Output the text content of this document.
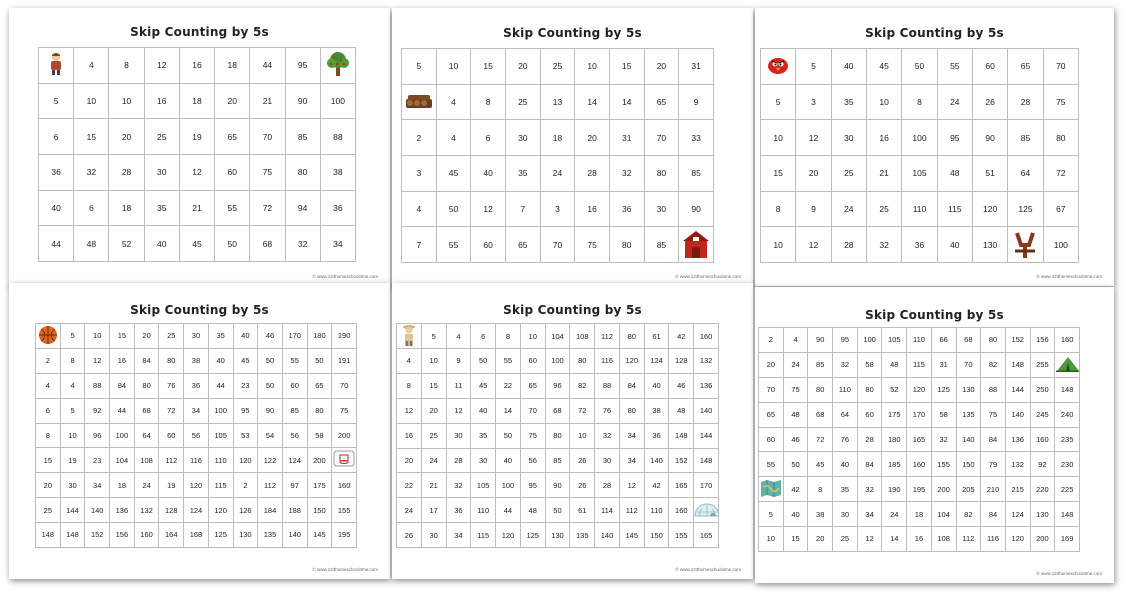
Skip Counting by 5s
© www.123homeschool4me.com
	4	8	12	16	18	44	95	
5	10	10	16	18	20	21	90	100
6	15	20	25	19	65	70	85	88
36	32	28	30	12	60	75	80	38
40	6	18	35	21	55	72	94	36
44	48	52	40	45	50	68	32	34
Skip Counting by 5s
© www.123homeschool4me.com
5	10	15	20	25	10	15	20	31
	4	8	25	13	14	14	65	9
2	4	6	30	18	20	31	70	33
3	45	40	35	24	28	32	80	85
4	50	12	7	3	16	36	30	90
7	55	60	65	70	75	80	85	
Skip Counting by 5s
© www.123homeschool4me.com
	5	40	45	50	55	60	65	70
5	3	35	10	8	24	26	28	75
10	12	30	16	100	95	90	85	80
15	20	25	21	105	48	51	64	72
8	9	24	25	110	115	120	125	67
10	12	28	32	36	40	130		100
Skip Counting by 5s
© www.123homeschool4me.com
	5	10	15	20	25	30	35	40	46	170	180	190
2	8	12	16	84	80	38	40	45	50	55	50	191
4	4	88	84	80	76	36	44	23	50	60	65	70
6	5	92	44	68	72	34	100	95	90	85	80	75
8	10	96	100	64	60	56	105	53	54	56	58	200
15	19	23	104	108	112	116	110	120	122	124	200	
20	30	34	18	24	19	120	115	2	112	97	175	160
25	144	140	136	132	128	124	120	126	184	188	150	155
148	148	152	156	160	164	168	125	130	135	140	145	195
Skip Counting by 5s
© www.123homeschool4me.com
	5	4	6	8	10	104	108	112	80	61	42	160
4	10	9	50	55	60	100	80	116	120	124	128	132
8	15	11	45	22	65	96	82	88	84	40	46	136
12	20	12	40	14	70	68	72	76	80	38	48	140
16	25	30	35	50	75	80	10	32	34	36	148	144
20	24	28	30	40	56	85	26	30	34	140	152	148
22	21	32	105	100	95	90	26	28	12	42	165	170
24	17	36	110	44	48	50	61	114	112	110	160	
26	30	34	115	120	125	130	135	140	145	150	155	165
Skip Counting by 5s
© www.123homeschool4me.com
2	4	90	95	100	105	110	66	68	80	152	156	160
20	24	85	32	58	48	115	31	70	82	148	255	
70	75	80	110	80	52	120	125	130	88	144	250	148
65	48	68	64	60	175	170	58	135	75	140	245	240
60	46	72	76	28	180	165	32	140	84	136	160	235
55	50	45	40	84	185	160	155	150	79	132	92	230
	42	8	35	32	190	195	200	205	210	215	220	225
5	40	38	30	34	24	18	104	82	84	124	130	148
10	15	20	25	12	14	16	108	112	116	120	200	169
